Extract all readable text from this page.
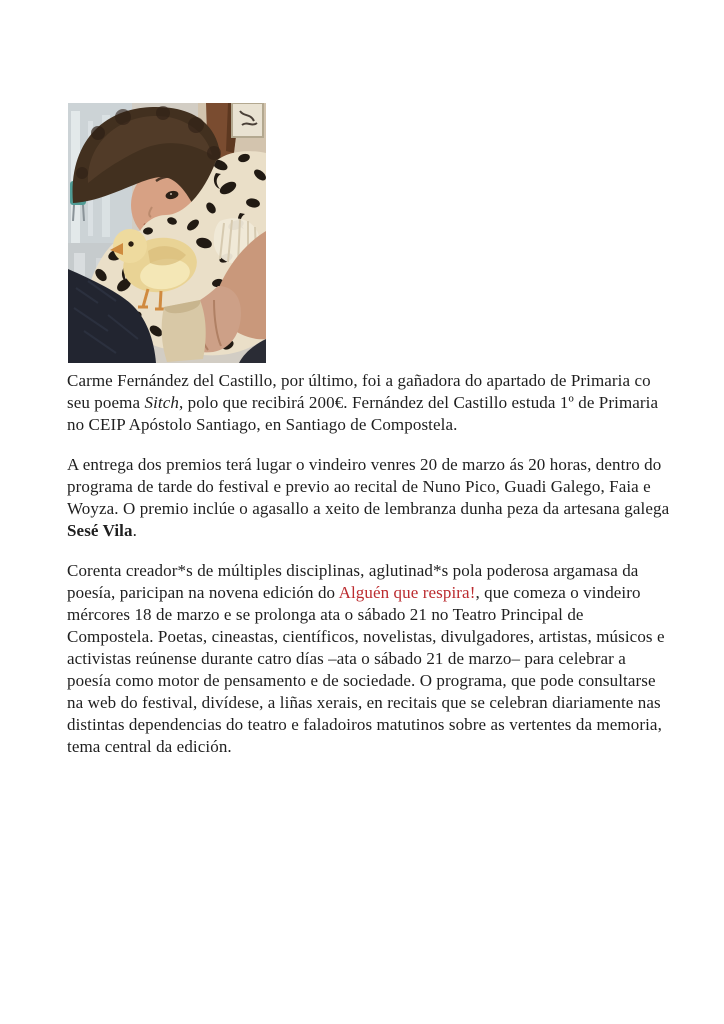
Carme Fernández del Castillo, por último, foi a gañadora do apartado de Primaria co seu poema Sitch, polo que recibirá 200€. Fernández del Castillo estuda 1º de Primaria no CEIP Apóstolo Santiago, en Santiago de Compostela.

A entrega dos premios terá lugar o vindeiro venres 20 de marzo ás 20 horas, dentro do programa de tarde do festival e previo ao recital de Nuno Pico, Guadi Galego, Faia e Woyza. O premio inclúe o agasallo a xeito de lembranza dunha peza da artesana galega Sesé Vila.

Corenta creador*s de múltiples disciplinas, aglutinad*s pola poderosa argamasa da poesía, paricipan na novena edición do Alguén que respira!, que comeza o vindeiro mércores 18 de marzo e se prolonga ata o sábado 21 no Teatro Principal de Compostela. Poetas, cineastas, científicos, novelistas, divulgadores, artistas, músicos e activistas reúnense durante catro días –ata o sábado 21 de marzo– para celebrar a poesía como motor de pensamento e de sociedade. O programa, que pode consultarse na web do festival, divídese, a liñas xerais, en recitais que se celebran diariamente nas distintas dependencias do teatro e faladoiros matutinos sobre as vertentes da memoria, tema central da edición.
